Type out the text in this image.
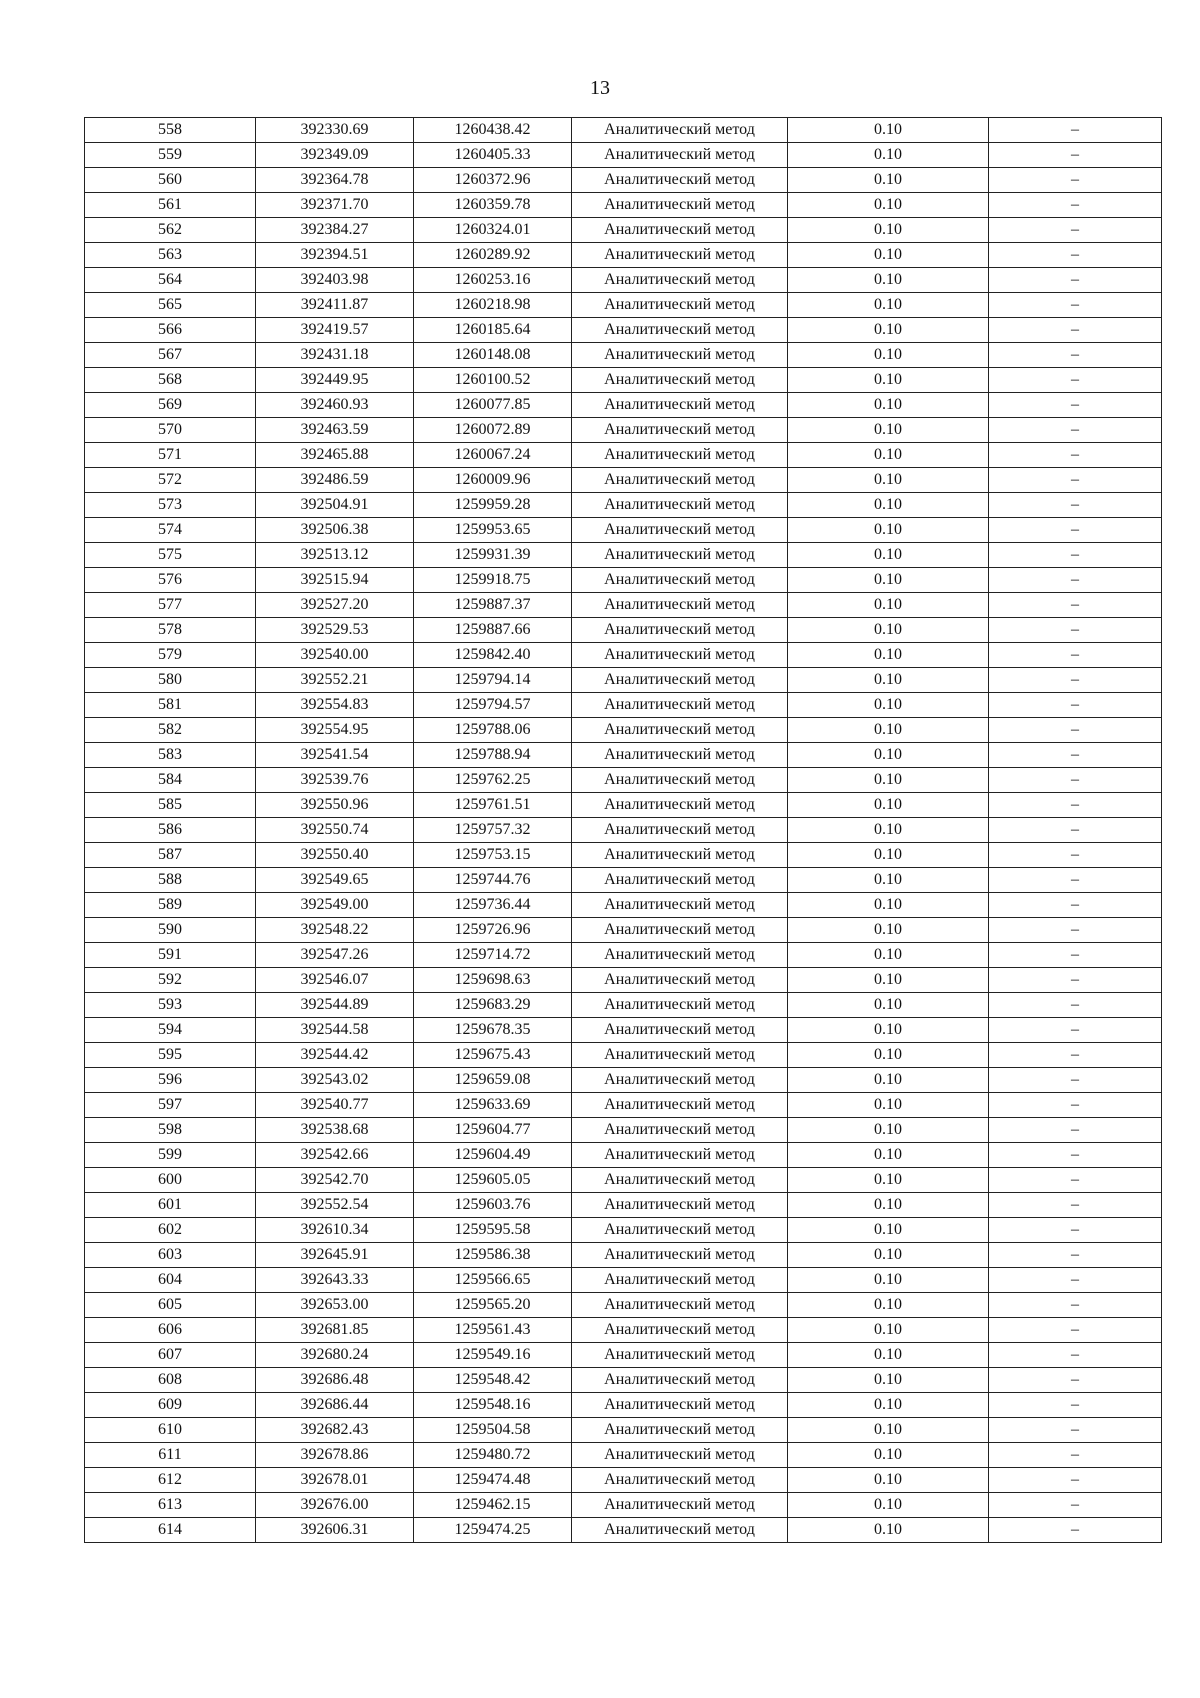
13
558	392330.69	1260438.42	Аналитический метод	0.10	–
559	392349.09	1260405.33	Аналитический метод	0.10	–
560	392364.78	1260372.96	Аналитический метод	0.10	–
561	392371.70	1260359.78	Аналитический метод	0.10	–
562	392384.27	1260324.01	Аналитический метод	0.10	–
563	392394.51	1260289.92	Аналитический метод	0.10	–
564	392403.98	1260253.16	Аналитический метод	0.10	–
565	392411.87	1260218.98	Аналитический метод	0.10	–
566	392419.57	1260185.64	Аналитический метод	0.10	–
567	392431.18	1260148.08	Аналитический метод	0.10	–
568	392449.95	1260100.52	Аналитический метод	0.10	–
569	392460.93	1260077.85	Аналитический метод	0.10	–
570	392463.59	1260072.89	Аналитический метод	0.10	–
571	392465.88	1260067.24	Аналитический метод	0.10	–
572	392486.59	1260009.96	Аналитический метод	0.10	–
573	392504.91	1259959.28	Аналитический метод	0.10	–
574	392506.38	1259953.65	Аналитический метод	0.10	–
575	392513.12	1259931.39	Аналитический метод	0.10	–
576	392515.94	1259918.75	Аналитический метод	0.10	–
577	392527.20	1259887.37	Аналитический метод	0.10	–
578	392529.53	1259887.66	Аналитический метод	0.10	–
579	392540.00	1259842.40	Аналитический метод	0.10	–
580	392552.21	1259794.14	Аналитический метод	0.10	–
581	392554.83	1259794.57	Аналитический метод	0.10	–
582	392554.95	1259788.06	Аналитический метод	0.10	–
583	392541.54	1259788.94	Аналитический метод	0.10	–
584	392539.76	1259762.25	Аналитический метод	0.10	–
585	392550.96	1259761.51	Аналитический метод	0.10	–
586	392550.74	1259757.32	Аналитический метод	0.10	–
587	392550.40	1259753.15	Аналитический метод	0.10	–
588	392549.65	1259744.76	Аналитический метод	0.10	–
589	392549.00	1259736.44	Аналитический метод	0.10	–
590	392548.22	1259726.96	Аналитический метод	0.10	–
591	392547.26	1259714.72	Аналитический метод	0.10	–
592	392546.07	1259698.63	Аналитический метод	0.10	–
593	392544.89	1259683.29	Аналитический метод	0.10	–
594	392544.58	1259678.35	Аналитический метод	0.10	–
595	392544.42	1259675.43	Аналитический метод	0.10	–
596	392543.02	1259659.08	Аналитический метод	0.10	–
597	392540.77	1259633.69	Аналитический метод	0.10	–
598	392538.68	1259604.77	Аналитический метод	0.10	–
599	392542.66	1259604.49	Аналитический метод	0.10	–
600	392542.70	1259605.05	Аналитический метод	0.10	–
601	392552.54	1259603.76	Аналитический метод	0.10	–
602	392610.34	1259595.58	Аналитический метод	0.10	–
603	392645.91	1259586.38	Аналитический метод	0.10	–
604	392643.33	1259566.65	Аналитический метод	0.10	–
605	392653.00	1259565.20	Аналитический метод	0.10	–
606	392681.85	1259561.43	Аналитический метод	0.10	–
607	392680.24	1259549.16	Аналитический метод	0.10	–
608	392686.48	1259548.42	Аналитический метод	0.10	–
609	392686.44	1259548.16	Аналитический метод	0.10	–
610	392682.43	1259504.58	Аналитический метод	0.10	–
611	392678.86	1259480.72	Аналитический метод	0.10	–
612	392678.01	1259474.48	Аналитический метод	0.10	–
613	392676.00	1259462.15	Аналитический метод	0.10	–
614	392606.31	1259474.25	Аналитический метод	0.10	–
